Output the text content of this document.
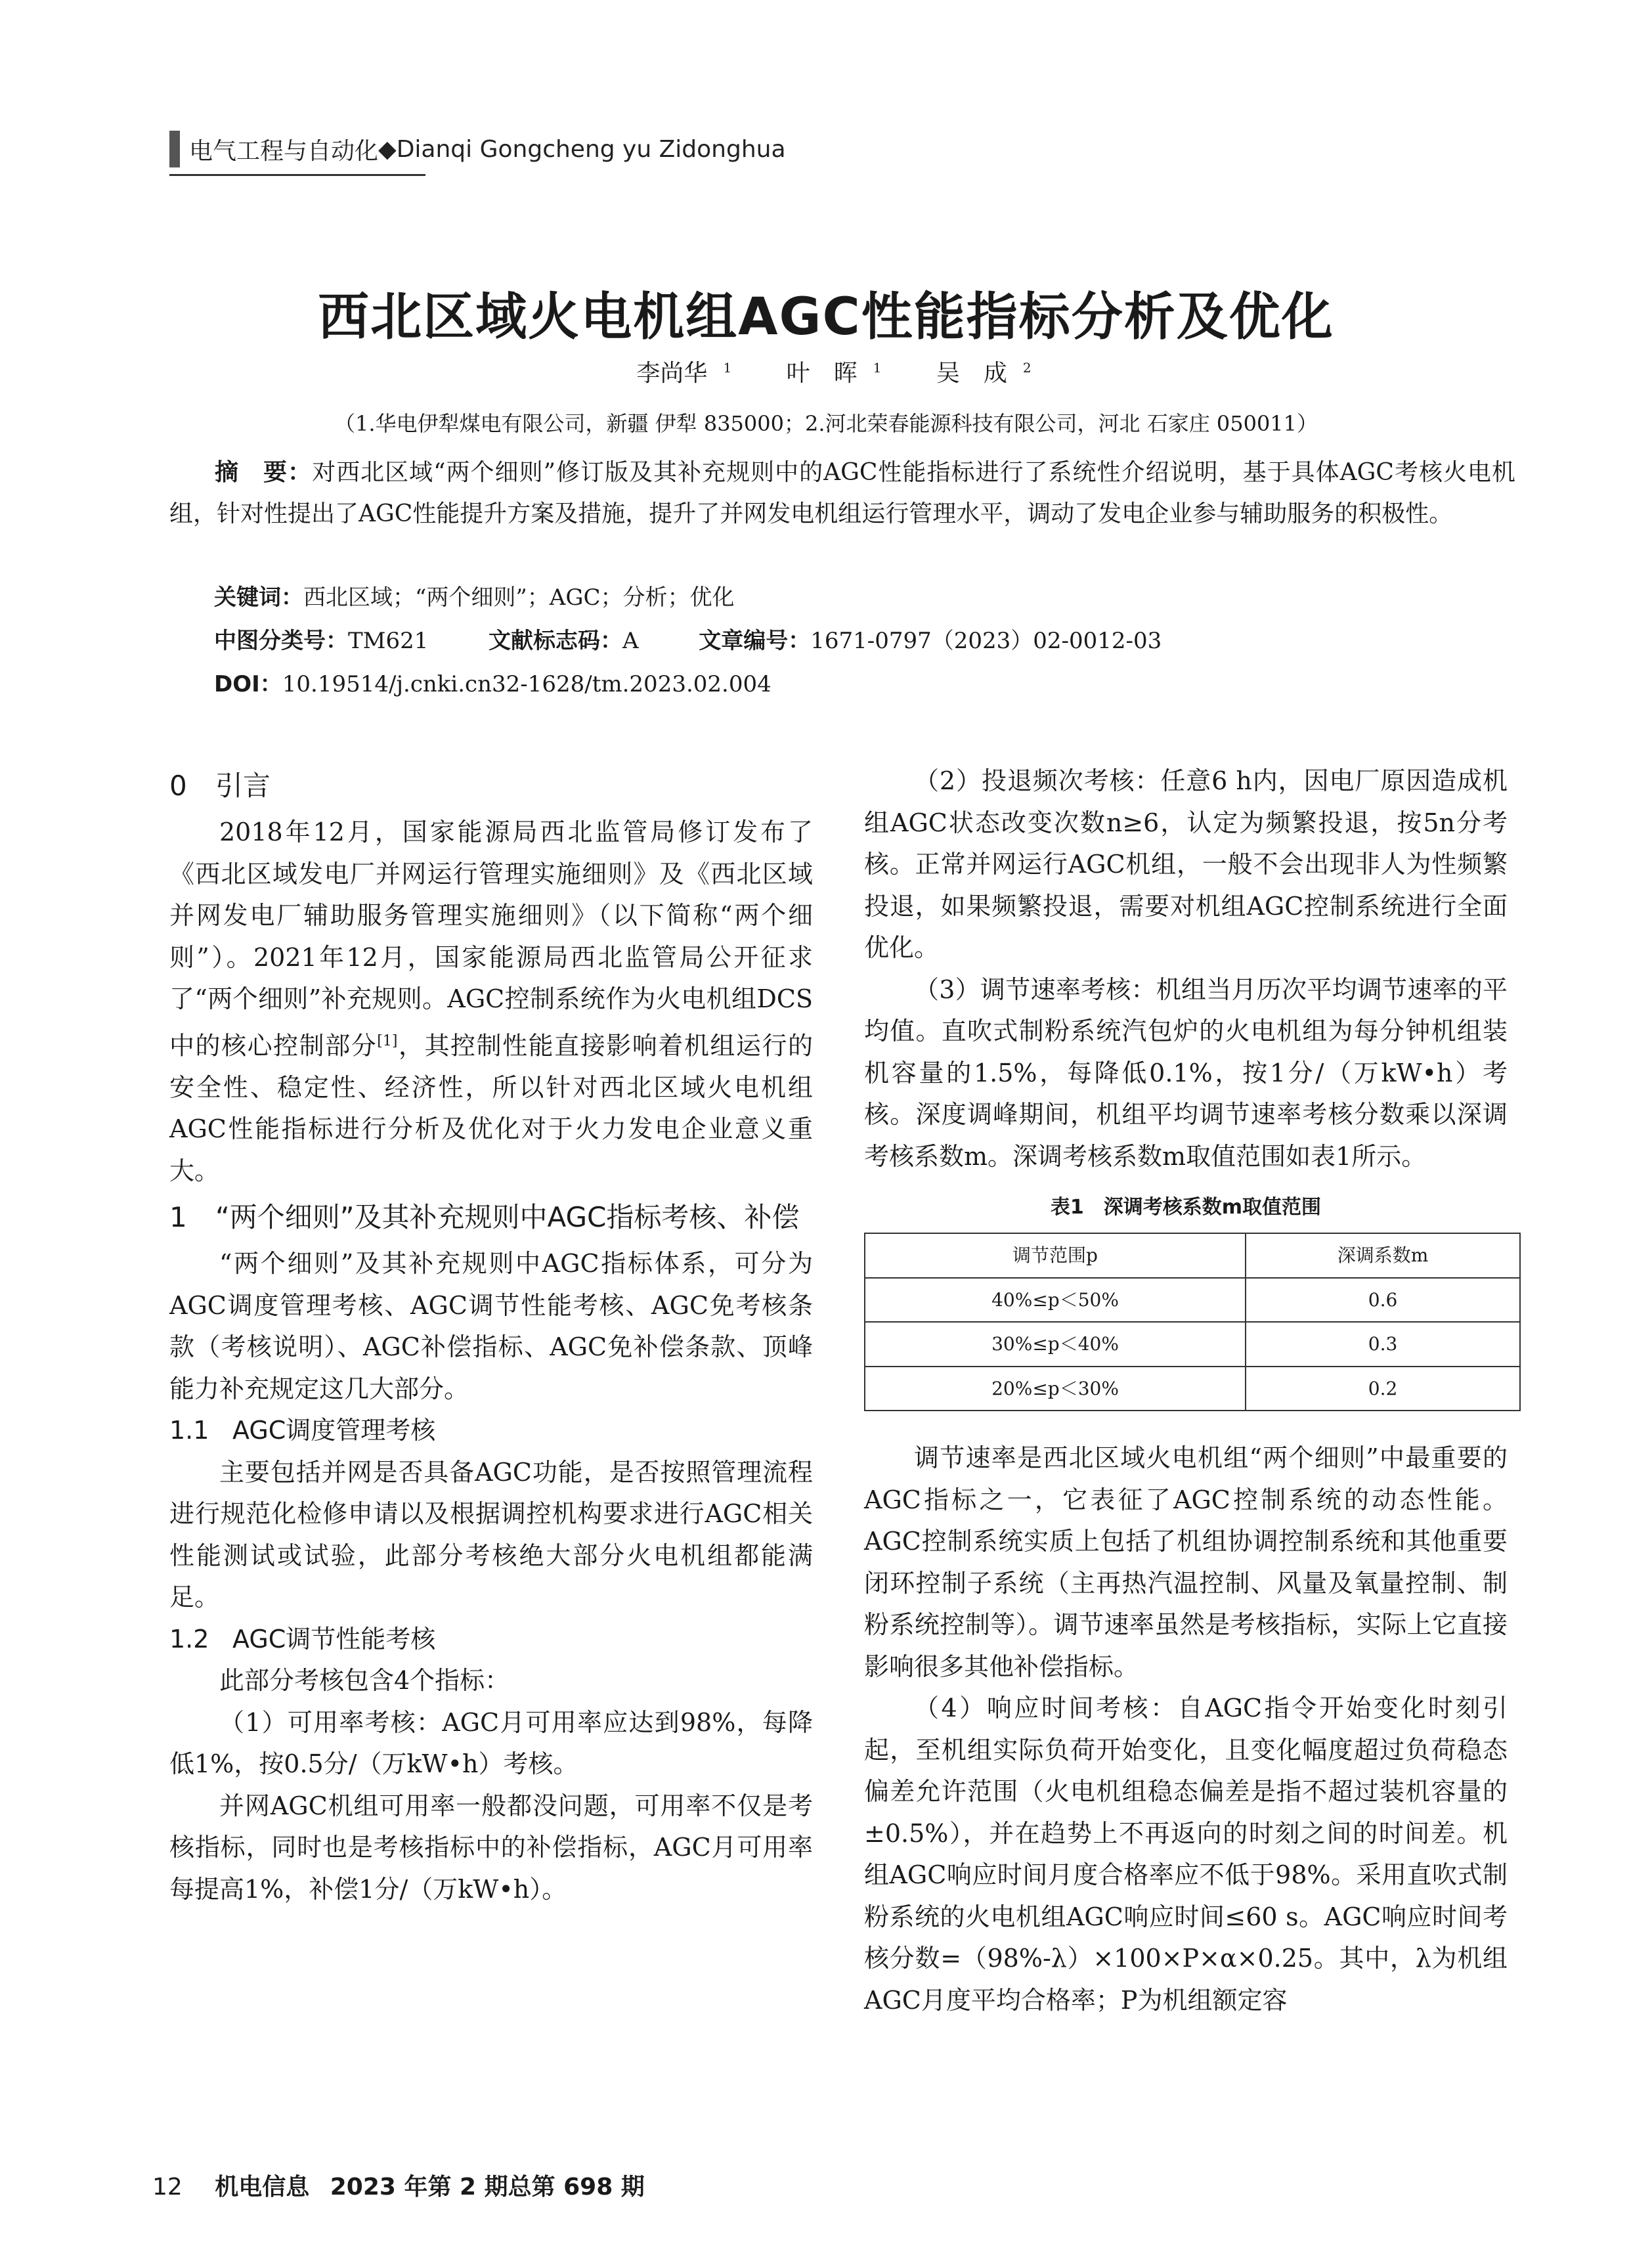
电气工程与自动化 ◆ Dianqi Gongcheng yu Zidonghua
西北区域火电机组AGC性能指标分析及优化
李尚华 $^1$ 叶　晖 $^1$ 吴　成 $^2$
（1.华电伊犁煤电有限公司，新疆 伊犁 835000；2.河北荣春能源科技有限公司，河北 石家庄 050011）
摘　要：对西北区域“两个细则”修订版及其补充规则中的AGC性能指标进行了系统性介绍说明，基于具体AGC考核火电机组，针对性提出了AGC性能提升方案及措施，提升了并网发电机组运行管理水平，调动了发电企业参与辅助服务的积极性。
关键词：西北区域；“两个细则”；AGC；分析；优化
中图分类号：TM621	文献标志码：A	文章编号：1671-0797（2023）02-0012-03
DOI：10.19514/j.cnki.cn32-1628/tm.2023.02.004
0 引言

2018年12月，国家能源局西北监管局修订发布了《西北区域发电厂并网运行管理实施细则》及《西北区域并网发电厂辅助服务管理实施细则》（以下简称“两个细则”）。2021年12月，国家能源局西北监管局公开征求了“两个细则”补充规则。AGC控制系统作为火电机组DCS中的核心控制部分[1]，其控制性能直接影响着机组运行的安全性、稳定性、经济性，所以针对西北区域火电机组AGC性能指标进行分析及优化对于火力发电企业意义重大。

1 “两个细则”及其补充规则中AGC指标考核、补偿

“两个细则”及其补充规则中AGC指标体系，可分为AGC调度管理考核、AGC调节性能考核、AGC免考核条款（考核说明）、AGC补偿指标、AGC免补偿条款、顶峰能力补充规定这几大部分。

1.1 AGC调度管理考核

主要包括并网是否具备AGC功能，是否按照管理流程进行规范化检修申请以及根据调控机构要求进行AGC相关性能测试或试验，此部分考核绝大部分火电机组都能满足。

1.2 AGC调节性能考核

此部分考核包含4个指标：

（1）可用率考核：AGC月可用率应达到98%，每降低1%，按0.5分/（万kW•h）考核。

并网AGC机组可用率一般都没问题，可用率不仅是考核指标，同时也是考核指标中的补偿指标，AGC月可用率每提高1%，补偿1分/（万kW•h）。

（2）投退频次考核：任意6 h内，因电厂原因造成机组AGC状态改变次数n≥6，认定为频繁投退，按5n分考核。正常并网运行AGC机组，一般不会出现非人为性频繁投退，如果频繁投退，需要对机组AGC控制系统进行全面优化。

（3）调节速率考核：机组当月历次平均调节速率的平均值。直吹式制粉系统汽包炉的火电机组为每分钟机组装机容量的1.5%，每降低0.1%，按1分/（万kW•h）考核。深度调峰期间，机组平均调节速率考核分数乘以深调考核系数m。深调考核系数m取值范围如表1所示。

表1　深调考核系数m取值范围
调节范围p	深调系数m
40%≤p＜50%	0.6
30%≤p＜40%	0.3
20%≤p＜30%	0.2

调节速率是西北区域火电机组“两个细则”中最重要的AGC指标之一，它表征了AGC控制系统的动态性能。AGC控制系统实质上包括了机组协调控制系统和其他重要闭环控制子系统（主再热汽温控制、风量及氧量控制、制粉系统控制等）。调节速率虽然是考核指标，实际上它直接影响很多其他补偿指标。

（4）响应时间考核：自AGC指令开始变化时刻引起，至机组实际负荷开始变化，且变化幅度超过负荷稳态偏差允许范围（火电机组稳态偏差是指不超过装机容量的±0.5%），并在趋势上不再返向的时刻之间的时间差。机组AGC响应时间月度合格率应不低于98%。采用直吹式制粉系统的火电机组AGC响应时间≤60 s。AGC响应时间考核分数=（98%-λ）×100×P×α×0.25。其中，λ为机组AGC月度平均合格率；P为机组额定容

12 机电信息 2023 年第 2 期总第 698 期
